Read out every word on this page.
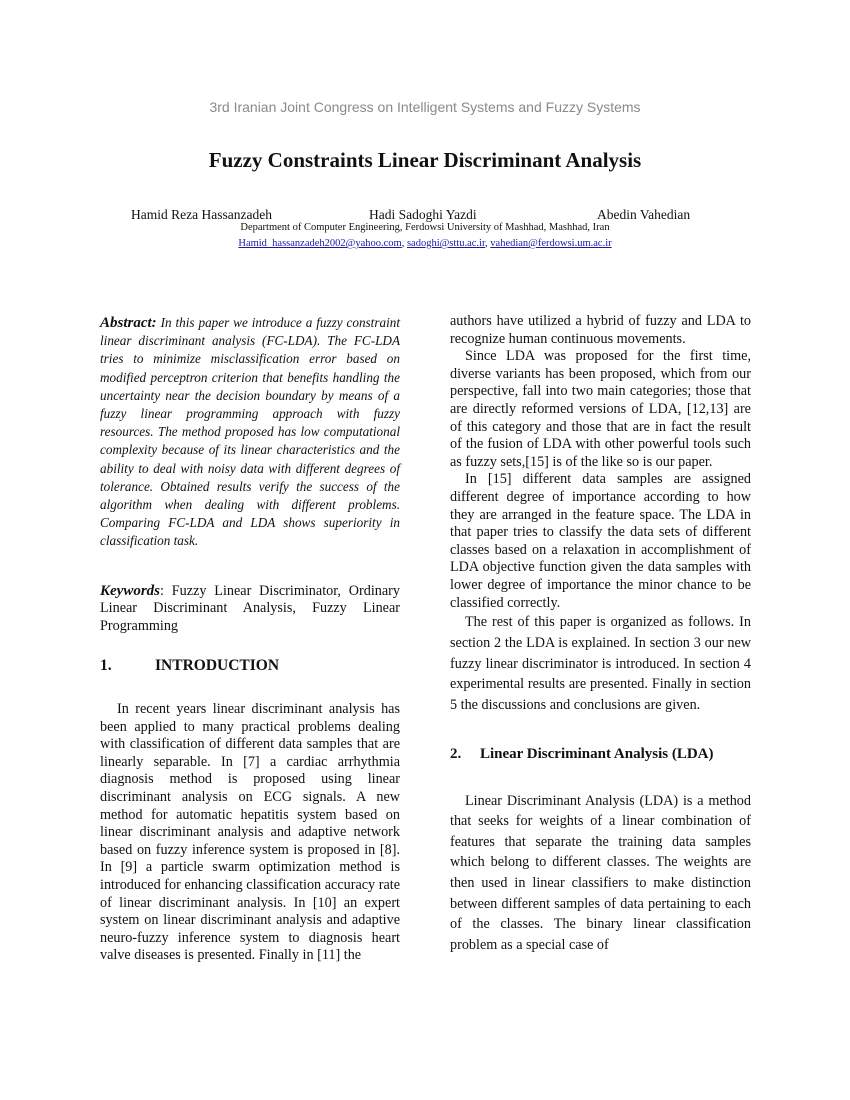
3rd Iranian Joint Congress on Intelligent Systems and Fuzzy Systems
Fuzzy Constraints Linear Discriminant Analysis
Hamid Reza Hassanzadeh	Hadi Sadoghi Yazdi	Abedin Vahedian
Department of Computer Engineering, Ferdowsi University of Mashhad, Mashhad, Iran
Hamid_hassanzadeh2002@yahoo.com, sadoghi@sttu.ac.ir, vahedian@ferdowsi.um.ac.ir

Abstract: In this paper we introduce a fuzzy constraint linear discriminant analysis (FC-LDA). The FC-LDA tries to minimize misclassification error based on modified perceptron criterion that benefits handling the uncertainty near the decision boundary by means of a fuzzy linear programming approach with fuzzy resources. The method proposed has low computational complexity because of its linear characteristics and the ability to deal with noisy data with different degrees of tolerance. Obtained results verify the success of the algorithm when dealing with different problems. Comparing FC-LDA and LDA shows superiority in classification task.

Keywords: Fuzzy Linear Discriminator, Ordinary Linear Discriminant Analysis, Fuzzy Linear Programming

1.	INTRODUCTION

In recent years linear discriminant analysis has been applied to many practical problems dealing with classification of different data samples that are linearly separable. In [7] a cardiac arrhythmia diagnosis method is proposed using linear discriminant analysis on ECG signals. A new method for automatic hepatitis system based on linear discriminant analysis and adaptive network based on fuzzy inference system is proposed in [8]. In [9] a particle swarm optimization method is introduced for enhancing classification accuracy rate of linear discriminant analysis. In [10] an expert system on linear discriminant analysis and adaptive neuro-fuzzy inference system to diagnosis heart valve diseases is presented. Finally in [11] the

authors have utilized a hybrid of fuzzy and LDA to recognize human continuous movements.

Since LDA was proposed for the first time, diverse variants has been proposed, which from our perspective, fall into two main categories; those that are directly reformed versions of LDA, [12,13] are of this category and those that are in fact the result of the fusion of LDA with other powerful tools such as fuzzy sets,[15] is of the like so is our paper.

In [15] different data samples are assigned different degree of importance according to how they are arranged in the feature space. The LDA in that paper tries to classify the data sets of different classes based on a relaxation in accomplishment of LDA objective function given the data samples with lower degree of importance the minor chance to be classified correctly.

The rest of this paper is organized as follows. In section 2 the LDA is explained. In section 3 our new fuzzy linear discriminator is introduced. In section 4 experimental results are presented. Finally in section 5 the discussions and conclusions are given.

2. Linear Discriminant Analysis (LDA)

Linear Discriminant Analysis (LDA) is a method that seeks for weights of a linear combination of features that separate the training data samples which belong to different classes. The weights are then used in linear classifiers to make distinction between different samples of data pertaining to each of the classes. The binary linear classification problem as a special case of
